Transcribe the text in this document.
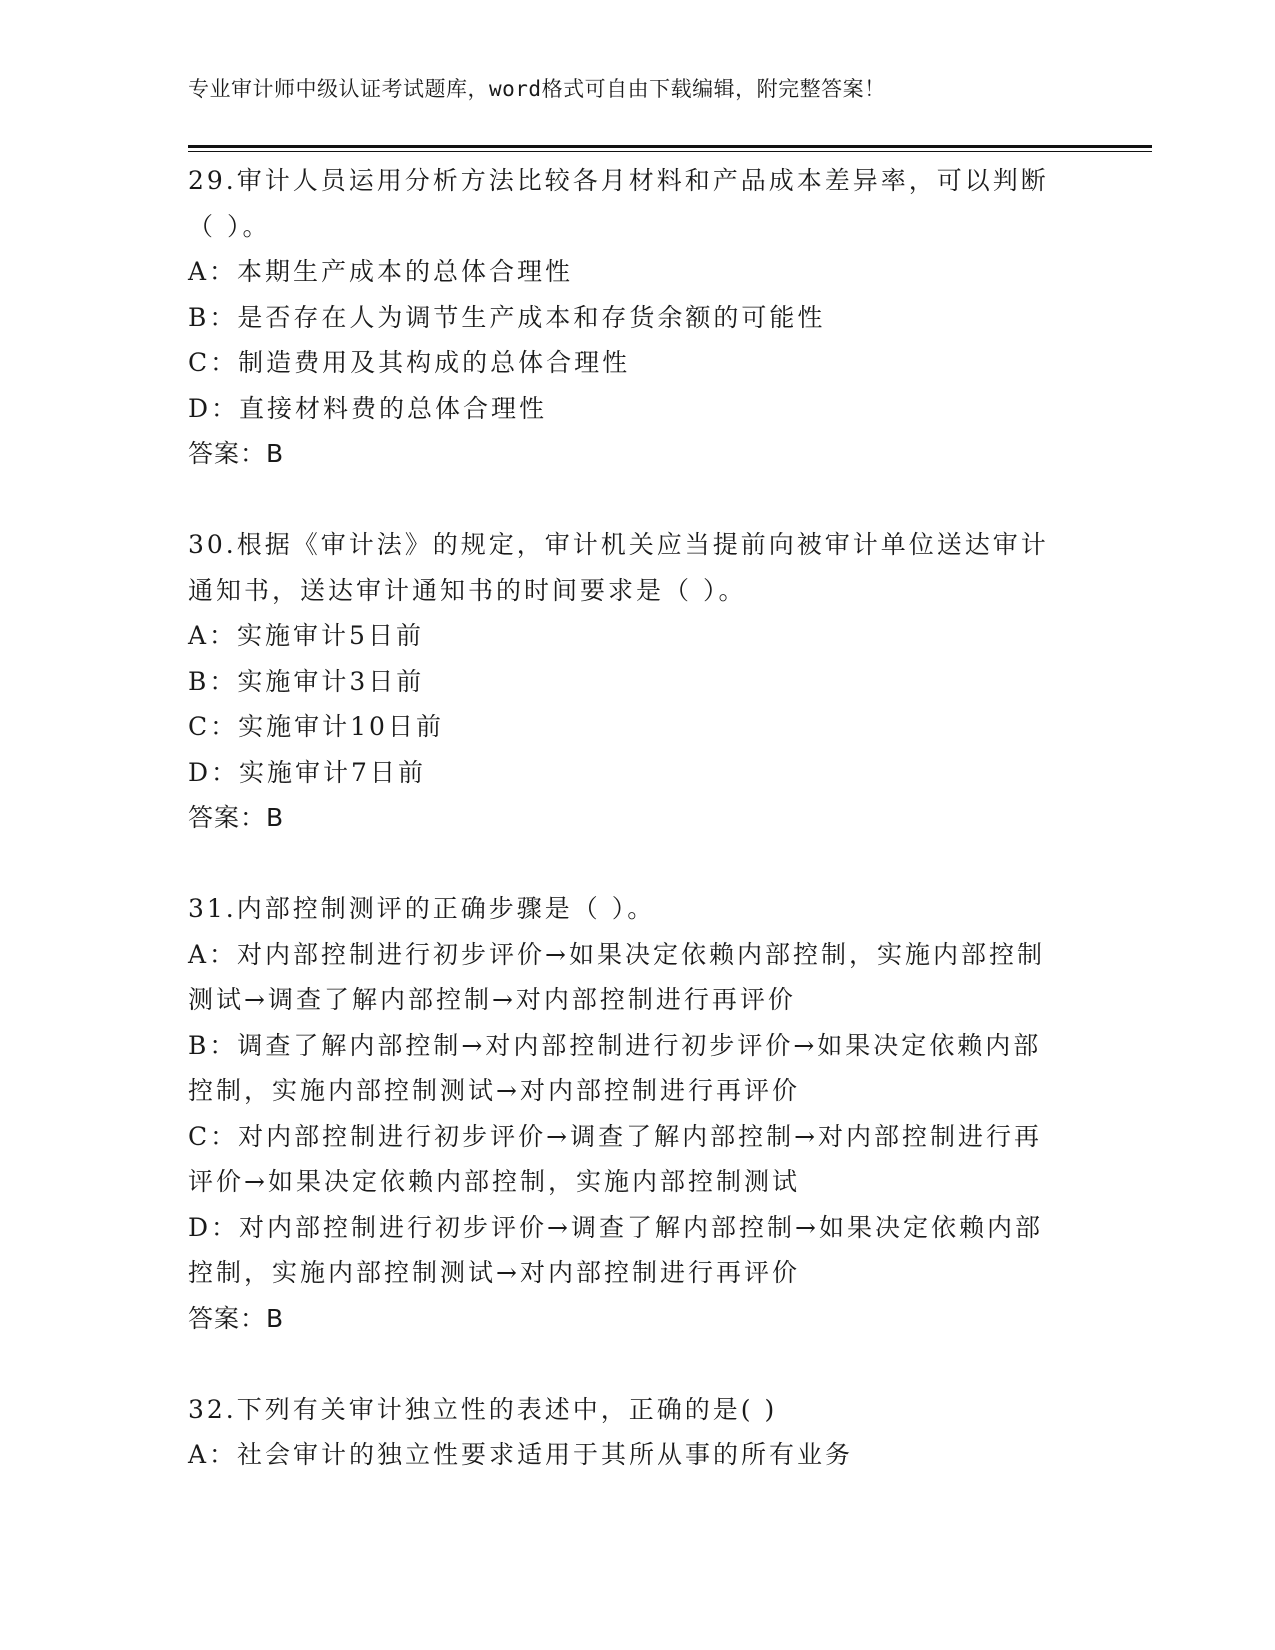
专业审计师中级认证考试题库，word格式可自由下载编辑，附完整答案！
29.审计人员运用分析方法比较各月材料和产品成本差异率，可以判断
（ ）。
A：本期生产成本的总体合理性
B：是否存在人为调节生产成本和存货余额的可能性
C：制造费用及其构成的总体合理性
D：直接材料费的总体合理性
答案：B
30.根据《审计法》的规定，审计机关应当提前向被审计单位送达审计
通知书，送达审计通知书的时间要求是（ ）。
A：实施审计5日前
B：实施审计3日前
C：实施审计10日前
D：实施审计7日前
答案：B
31.内部控制测评的正确步骤是（ ）。
A：对内部控制进行初步评价→如果决定依赖内部控制，实施内部控制
测试→调查了解内部控制→对内部控制进行再评价
B：调查了解内部控制→对内部控制进行初步评价→如果决定依赖内部
控制，实施内部控制测试→对内部控制进行再评价
C：对内部控制进行初步评价→调查了解内部控制→对内部控制进行再
评价→如果决定依赖内部控制，实施内部控制测试
D：对内部控制进行初步评价→调查了解内部控制→如果决定依赖内部
控制，实施内部控制测试→对内部控制进行再评价
答案：B
32.下列有关审计独立性的表述中，正确的是( )
A：社会审计的独立性要求适用于其所从事的所有业务
